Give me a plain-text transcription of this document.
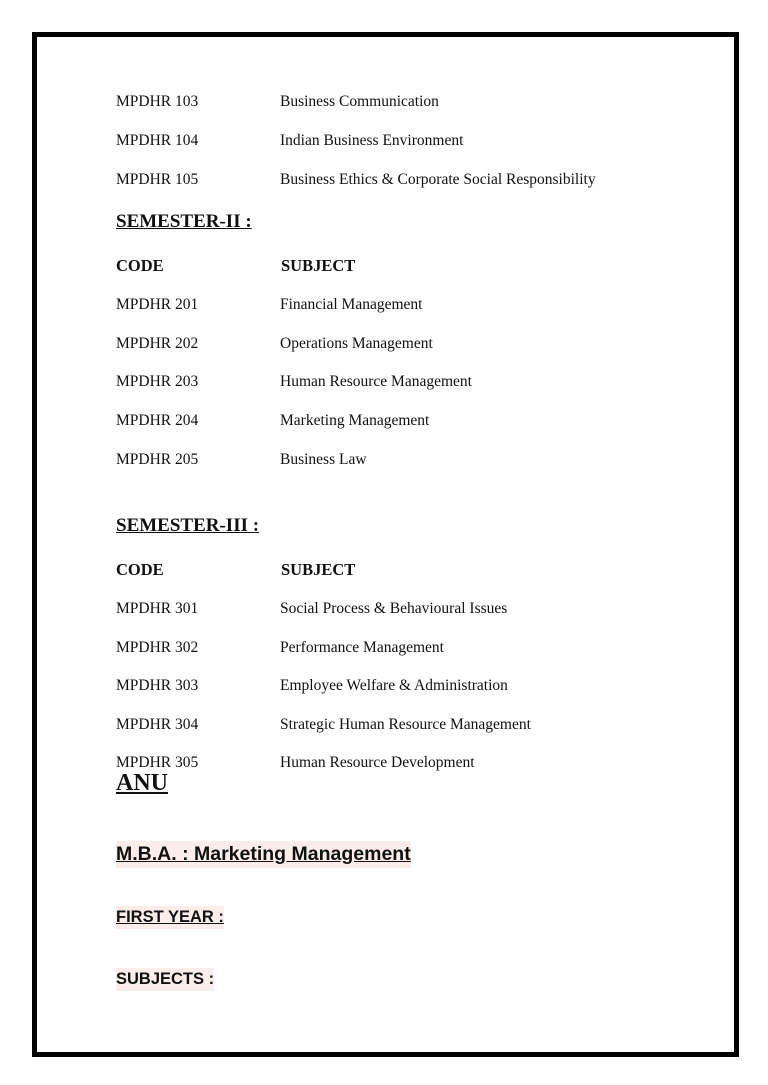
MPDHR 103	Business Communication
MPDHR 104	Indian Business Environment
MPDHR 105	Business Ethics & Corporate Social Responsibility
SEMESTER-II :
CODE	SUBJECT
MPDHR 201	Financial Management
MPDHR 202	Operations Management
MPDHR 203	Human Resource Management
MPDHR 204	Marketing Management
MPDHR 205	Business Law
SEMESTER-III :
CODE	SUBJECT
MPDHR 301	Social Process & Behavioural Issues
MPDHR 302	Performance Management
MPDHR 303	Employee Welfare & Administration
MPDHR 304	Strategic Human Resource Management
MPDHR 305	Human Resource Development
ANU
M.B.A. : Marketing Management
FIRST YEAR :
SUBJECTS :
